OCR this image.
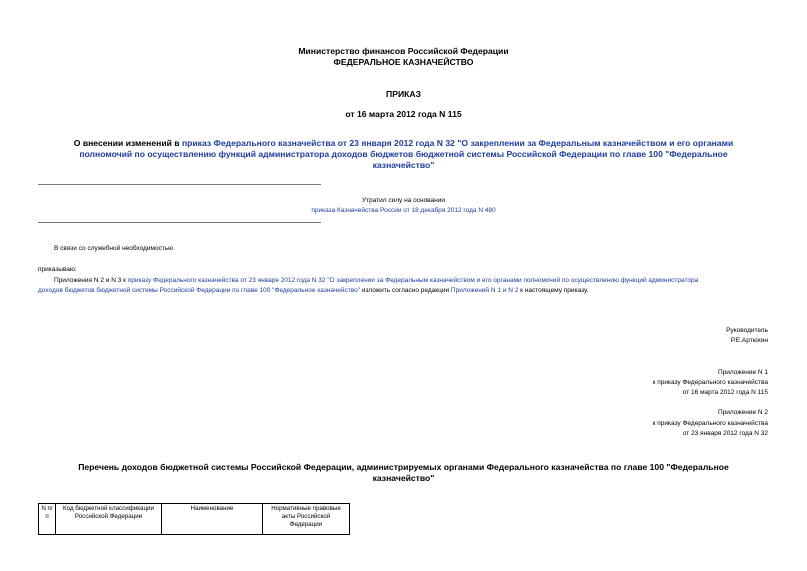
Министерство финансов Российской Федерации
ФЕДЕРАЛЬНОЕ КАЗНАЧЕЙСТВО
ПРИКАЗ
от 16 марта 2012 года N 115
О внесении изменений в приказ Федерального казначейства от 23 января 2012 года N 32 "О закреплении за Федеральным казначейством и его органами
полномочий по осуществлению функций администратора доходов бюджетов бюджетной системы Российской Федерации по главе 100 "Федеральное
казначейство"
Утратил силу на основании
приказа Казначейства России от 18 декабря 2012 года N 480
В связи со служебной необходимостью
приказываю:
Приложения N 2 и N 3 к приказу Федерального казначейства от 23 января 2012 года N 32 "О закреплении за Федеральным казначейством и его органами полномочий по осуществлению функций администратора
доходов бюджетов бюджетной системы Российской Федерации по главе 100 "Федеральное казначейство" изложить согласно редакции Приложений N 1 и N 2 к настоящему приказу.
Руководитель
Р.Е.Артюхин
Приложение N 1
к приказу Федерального казначейства
от 16 марта 2012 года N 115
Приложение N 2
к приказу Федерального казначейства
от 23 января 2012 года N 32
Перечень доходов бюджетной системы Российской Федерации, администрируемых органами Федерального казначейства по главе 100 "Федеральное
казначейство"
N п/п	Код бюджетной классификации Российской Федерации	Наименование	Нормативные правовые акты Российской Федерации
